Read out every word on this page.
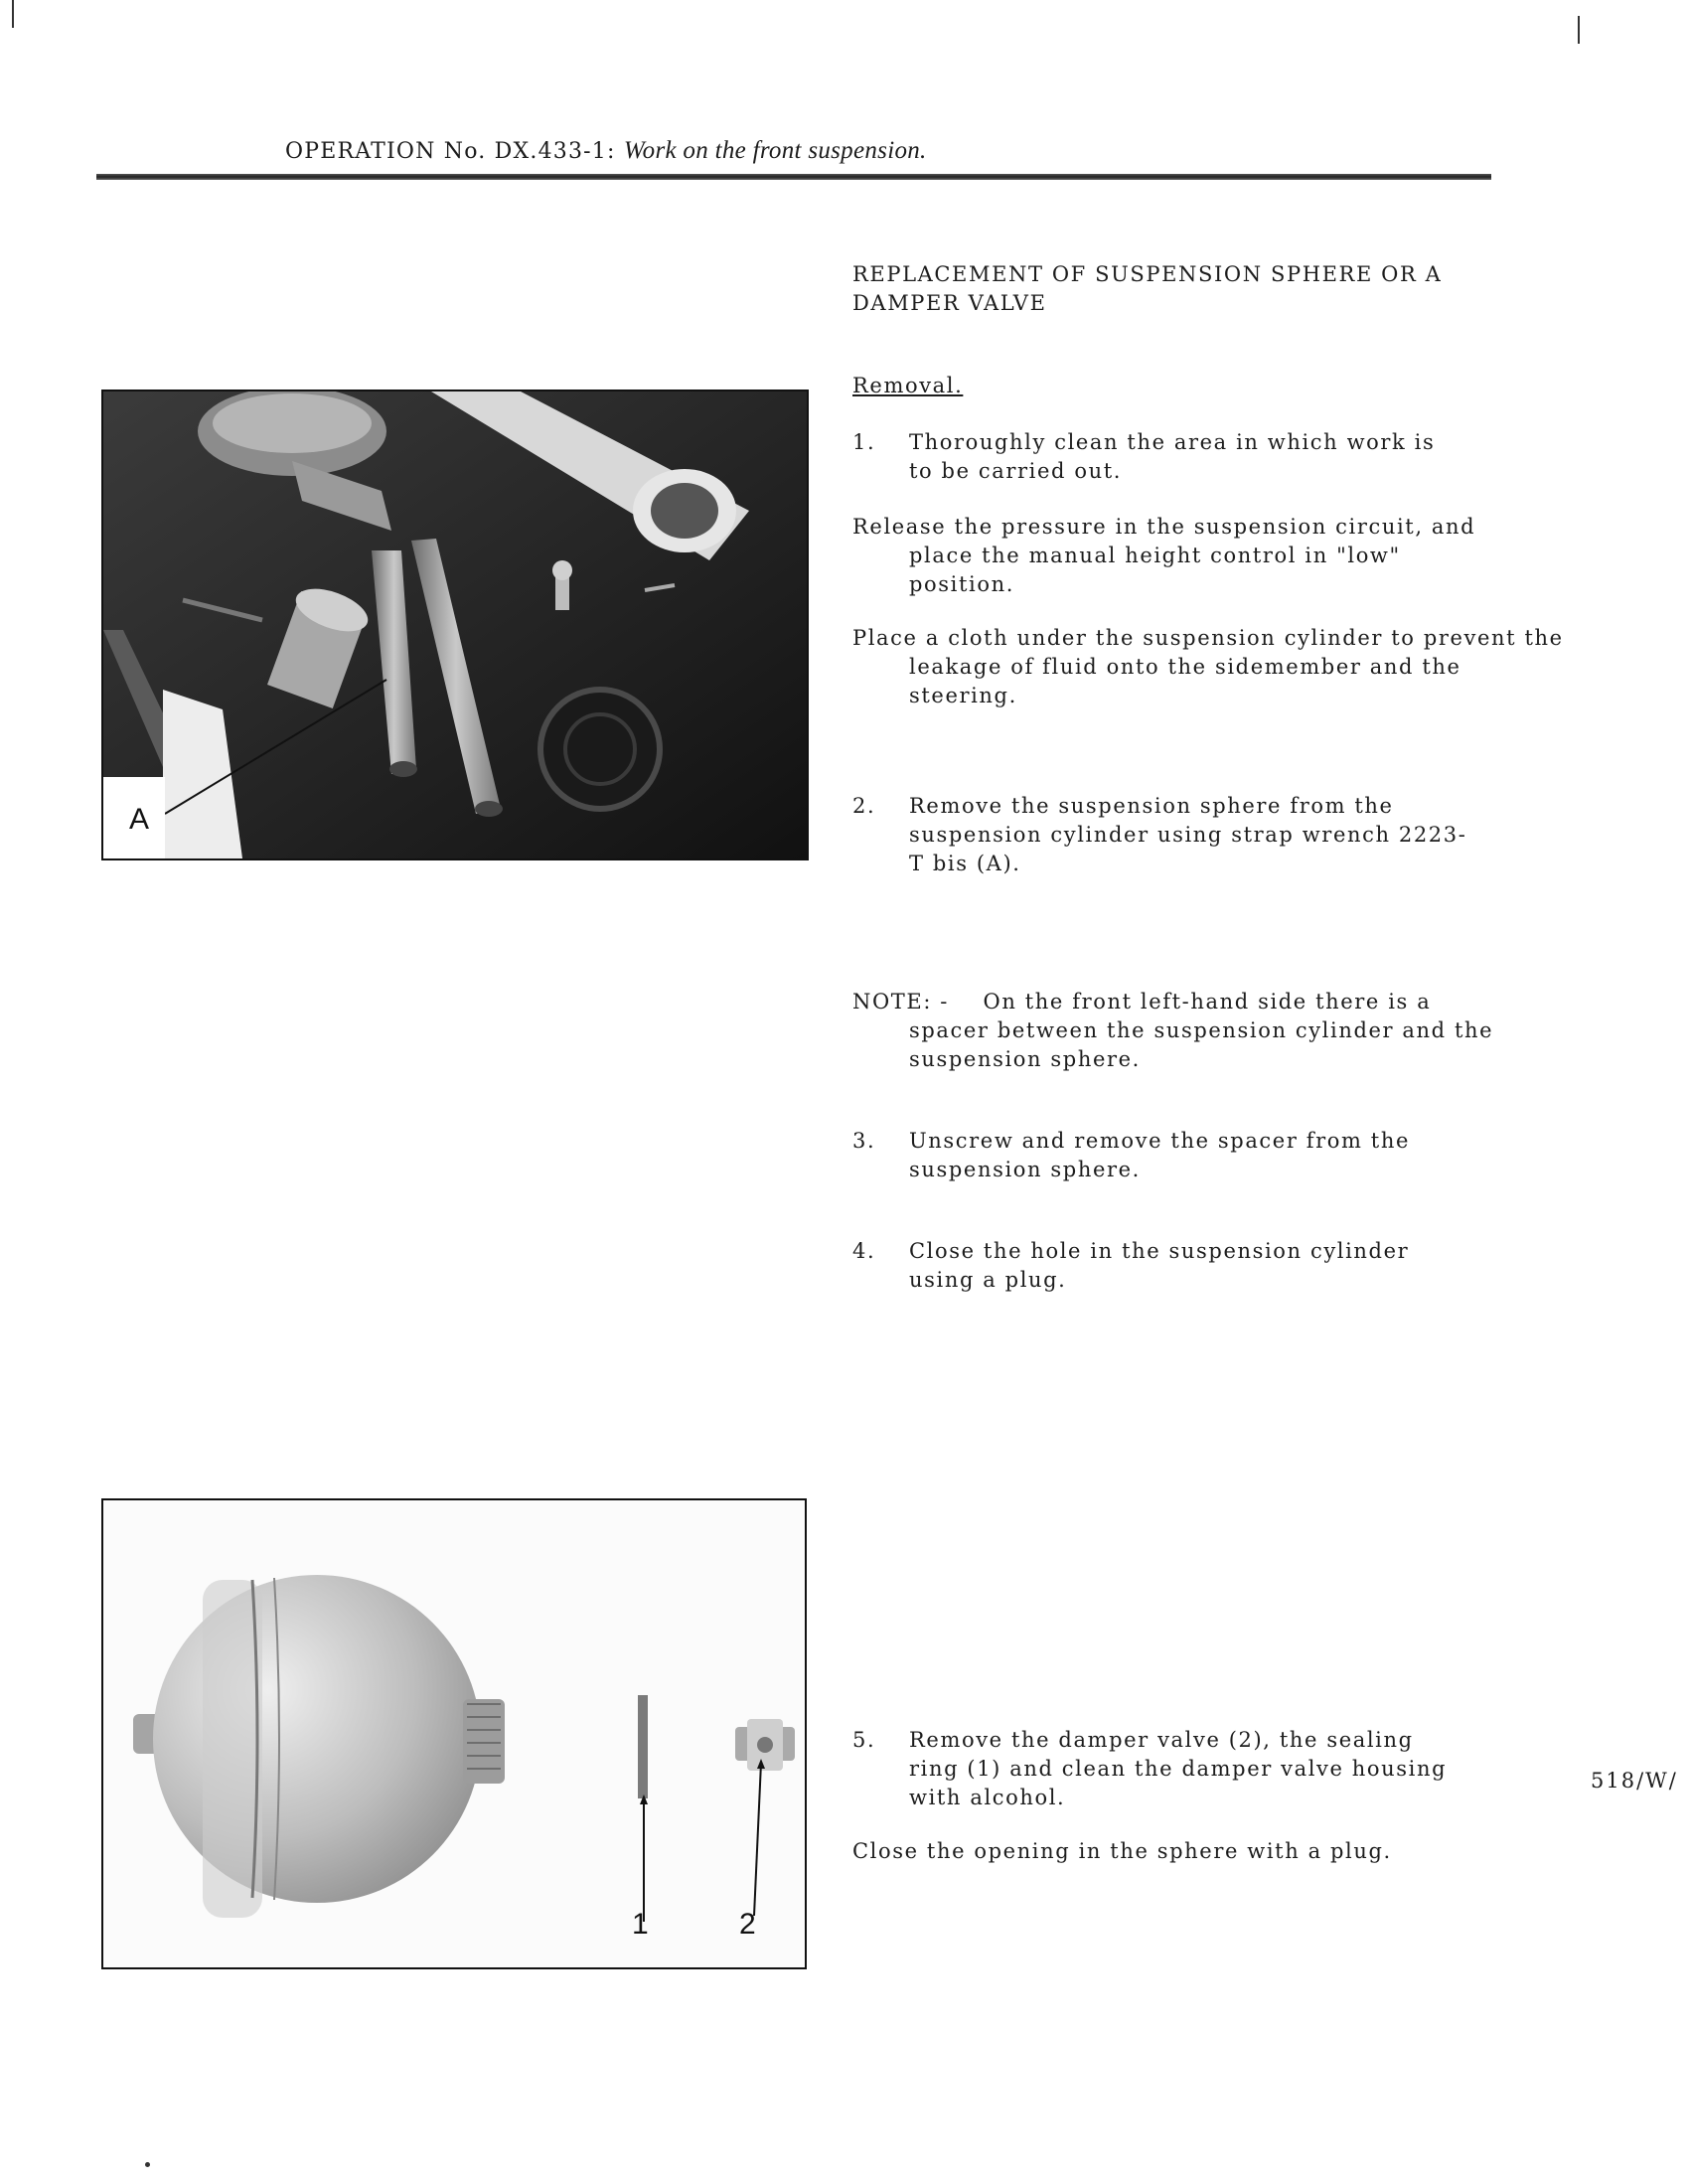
OPERATION No. DX.433-1: Work on the front suspension.
REPLACEMENT OF SUSPENSION SPHERE OR A
DAMPER VALVE
Removal.
1.	Thoroughly clean the area in which work is to be carried out.
Release the pressure in the suspension circuit, and place the manual height control in "low" position.
Place a cloth under the suspension cylinder to prevent the leakage of fluid onto the sidemember and the steering.
2.	Remove the suspension sphere from the suspension cylinder using strap wrench 2223-T bis (A).
NOTE: - On the front left-hand side there is a spacer between the suspension cylinder and the suspension sphere.
3.	Unscrew and remove the spacer from the suspension sphere.
4.	Close the hole in the suspension cylinder using a plug.
5.	Remove the damper valve (2), the sealing ring (1) and clean the damper valve housing with alcohol.
Close the opening in the sphere with a plug.
518/W/
A
1	2
